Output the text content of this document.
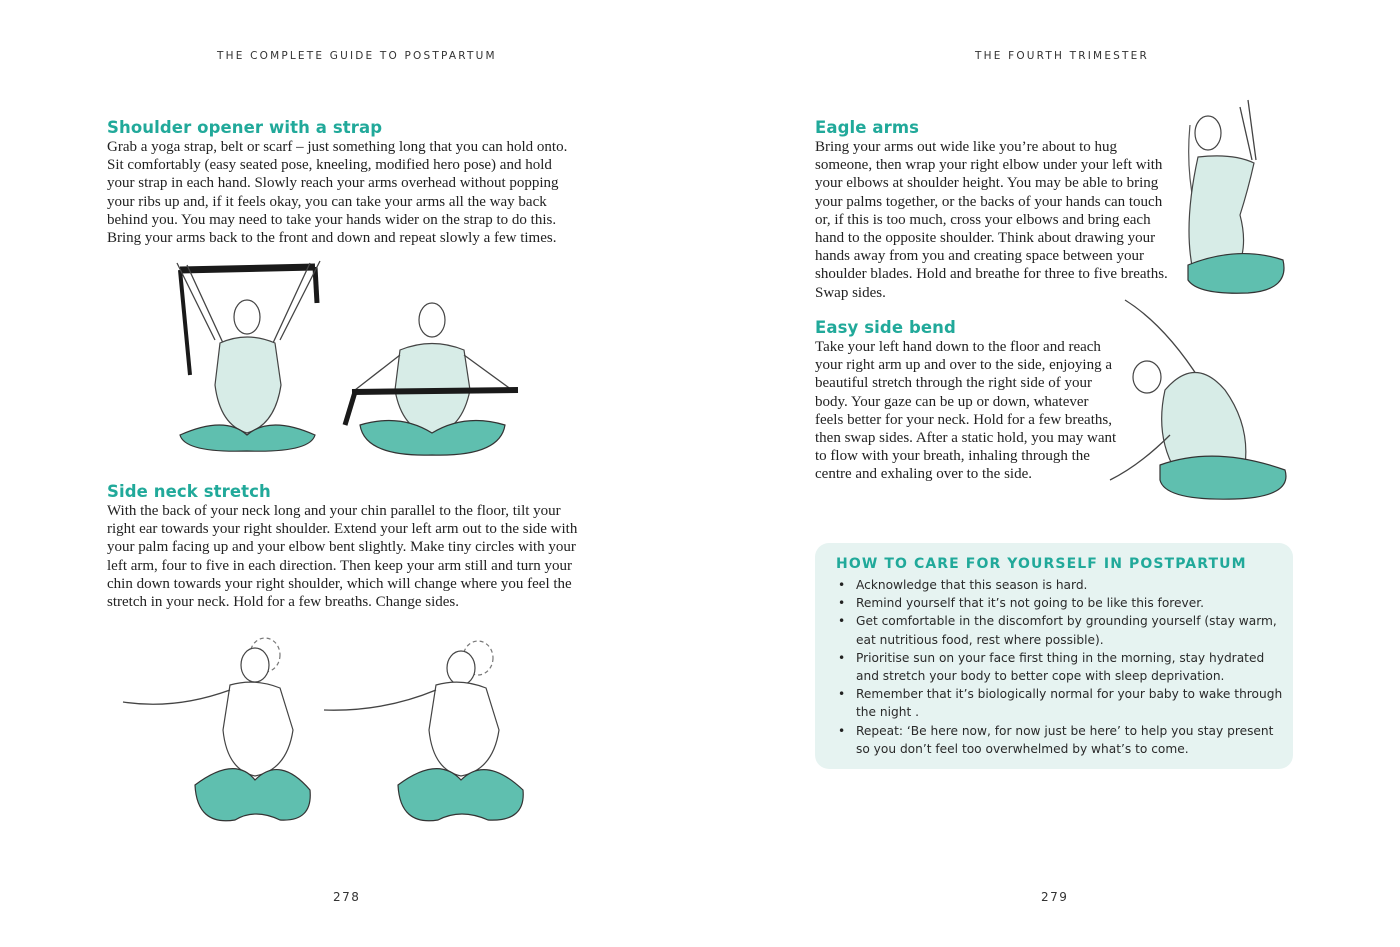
THE COMPLETE GUIDE TO POSTPARTUM	THE FOURTH TRIMESTER
Shoulder opener with a strap

Grab a yoga strap, belt or scarf – just something long that you can hold onto. Sit comfortably (easy seated pose, kneeling, modified hero pose) and hold your strap in each hand. Slowly reach your arms overhead without popping your ribs up and, if it feels okay, you can take your arms all the way back behind you. You may need to take your hands wider on the strap to do this. Bring your arms back to the front and down and repeat slowly a few times.

Side neck stretch

With the back of your neck long and your chin parallel to the floor, tilt your right ear towards your right shoulder. Extend your left arm out to the side with your palm facing up and your elbow bent slightly. Make tiny circles with your left arm, four to five in each direction. Then keep your arm still and turn your chin down towards your right shoulder, which will change where you feel the stretch in your neck. Hold for a few breaths. Change sides.

278
Eagle arms

Bring your arms out wide like you’re about to hug someone, then wrap your right elbow under your left with your elbows at shoulder height. You may be able to bring your palms together, or the backs of your hands can touch or, if this is too much, cross your elbows and bring each hand to the opposite shoulder. Think about drawing your hands away from you and creating space between your shoulder blades. Hold and breathe for three to five breaths. Swap sides.

Easy side bend

Take your left hand down to the floor and reach your right arm up and over to the side, enjoying a beautiful stretch through the right side of your body. Your gaze can be up or down, whatever feels better for your neck. Hold for a few breaths, then swap sides. After a static hold, you may want to flow with your breath, inhaling through the centre and exhaling over to the side.

HOW TO CARE FOR YOURSELF IN POSTPARTUM
• Acknowledge that this season is hard.
• Remind yourself that it’s not going to be like this forever.
• Get comfortable in the discomfort by grounding yourself (stay warm, eat nutritious food, rest where possible).
• Prioritise sun on your face first thing in the morning, stay hydrated and stretch your body to better cope with sleep deprivation.
• Remember that it’s biologically normal for your baby to wake through the night .
• Repeat: ‘Be here now, for now just be here’ to help you stay present so you don’t feel too overwhelmed by what’s to come.
279
